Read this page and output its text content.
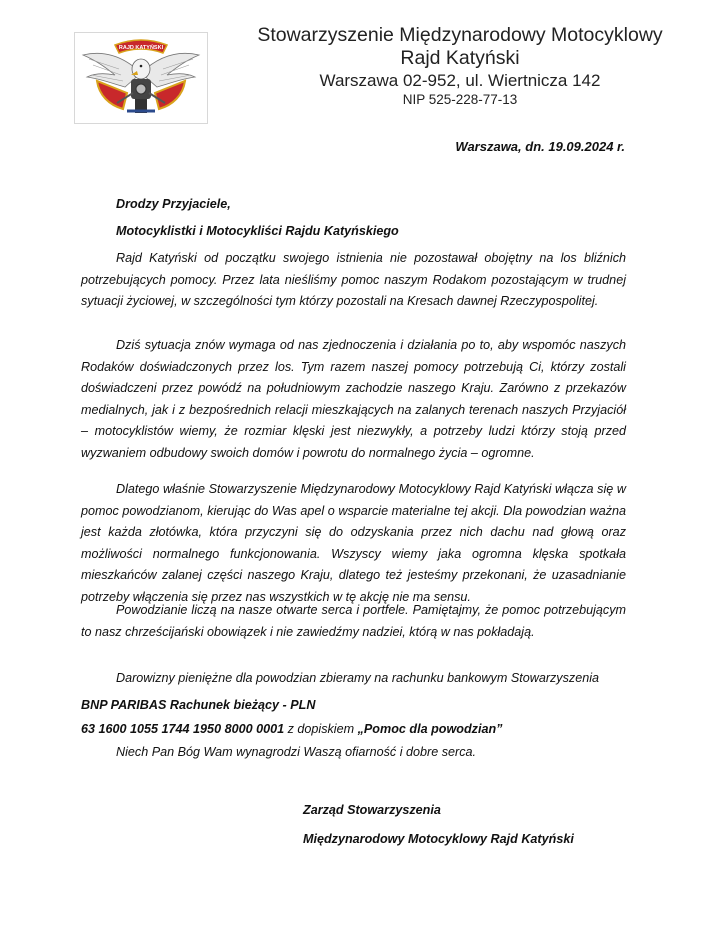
RAJD KATYŃSKI
Stowarzyszenie Międzynarodowy Motocyklowy
Rajd Katyński
Warszawa 02-952, ul. Wiertnicza 142
NIP 525-228-77-13
Warszawa, dn. 19.09.2024 r.
Drodzy Przyjaciele,
Motocyklistki i Motocykliści Rajdu Katyńskiego

Rajd Katyński od początku swojego istnienia nie pozostawał obojętny na los bliźnich potrzebujących pomocy. Przez lata nieśliśmy pomoc naszym Rodakom pozostającym w trudnej sytuacji życiowej, w szczególności tym którzy pozostali na Kresach dawnej Rzeczypospolitej.

Dziś sytuacja znów wymaga od nas zjednoczenia i działania po to, aby wspomóc naszych Rodaków doświadczonych przez los. Tym razem naszej pomocy potrzebują Ci, którzy zostali doświadczeni przez powódź na południowym zachodzie naszego Kraju. Zarówno z przekazów medialnych, jak i z bezpośrednich relacji mieszkających na zalanych terenach naszych Przyjaciół – motocyklistów wiemy, że rozmiar klęski jest niezwykły, a potrzeby ludzi którzy stoją przed wyzwaniem odbudowy swoich domów i powrotu do normalnego życia – ogromne.

Dlatego właśnie Stowarzyszenie Międzynarodowy Motocyklowy Rajd Katyński włącza się w pomoc powodzianom, kierując do Was apel o wsparcie materialne tej akcji. Dla powodzian ważna jest każda złotówka, która przyczyni się do odzyskania przez nich dachu nad głową oraz możliwości normalnego funkcjonowania. Wszyscy wiemy jaka ogromna klęska spotkała mieszkańców zalanej części naszego Kraju, dlatego też jesteśmy przekonani, że uzasadnianie potrzeby włączenia się przez nas wszystkich w tę akcję nie ma sensu.

Powodzianie liczą na nasze otwarte serca i portfele. Pamiętajmy, że pomoc potrzebującym to nasz chrześcijański obowiązek i nie zawiedźmy nadziei, którą w nas pokładają.

Darowizny pieniężne dla powodzian zbieramy na rachunku bankowym Stowarzyszenia
BNP PARIBAS Rachunek bieżący - PLN
63 1600 1055 1744 1950 8000 0001 z dopiskiem „Pomoc dla powodzian”
Niech Pan Bóg Wam wynagrodzi Waszą ofiarność i dobre serca.
Zarząd Stowarzyszenia
Międzynarodowy Motocyklowy Rajd Katyński
